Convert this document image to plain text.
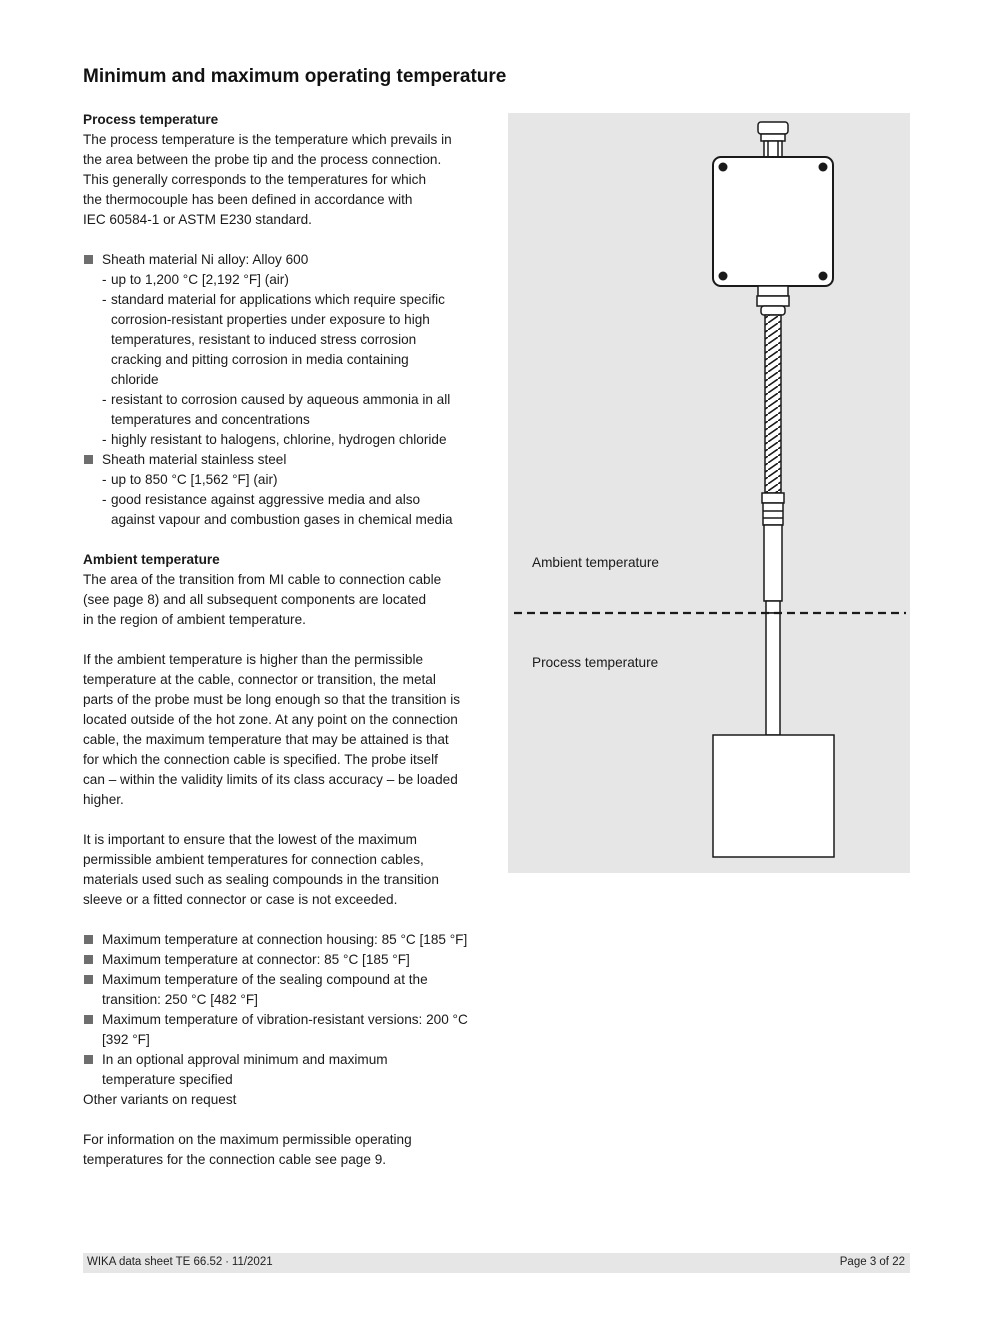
Minimum and maximum operating temperature

Process temperature

The process temperature is the temperature which prevails in
the area between the probe tip and the process connection.
This generally corresponds to the temperatures for which
the thermocouple has been defined in accordance with
IEC 60584-1 or ASTM E230 standard.
Sheath material Ni alloy: Alloy 600
- up to 1,200 °C [2,192 °F] (air)
- standard material for applications which require specific
corrosion-resistant properties under exposure to high
temperatures, resistant to induced stress corrosion
cracking and pitting corrosion in media containing
chloride
- resistant to corrosion caused by aqueous ammonia in all
temperatures and concentrations
- highly resistant to halogens, chlorine, hydrogen chloride
Sheath material stainless steel
- up to 850 °C [1,562 °F] (air)
- good resistance against aggressive media and also
against vapour and combustion gases in chemical media

Ambient temperature

The area of the transition from MI cable to connection cable
(see page 8) and all subsequent components are located
in the region of ambient temperature.
If the ambient temperature is higher than the permissible
temperature at the cable, connector or transition, the metal
parts of the probe must be long enough so that the transition is
located outside of the hot zone. At any point on the connection
cable, the maximum temperature that may be attained is that
for which the connection cable is specified. The probe itself
can – within the validity limits of its class accuracy – be loaded
higher.
It is important to ensure that the lowest of the maximum
permissible ambient temperatures for connection cables,
materials used such as sealing compounds in the transition
sleeve or a fitted connector or case is not exceeded.
Maximum temperature at connection housing: 85 °C [185 °F]
Maximum temperature at connector: 85 °C [185 °F]
Maximum temperature of the sealing compound at the
transition: 250 °C [482 °F]
Maximum temperature of vibration-resistant versions: 200 °C
[392 °F]
In an optional approval minimum and maximum
temperature specified
Other variants on request
For information on the maximum permissible operating
temperatures for the connection cable see page 9.
Ambient temperature
Process temperature
WIKA data sheet TE 66.52 ∙ 11/2021	Page 3 of 22
